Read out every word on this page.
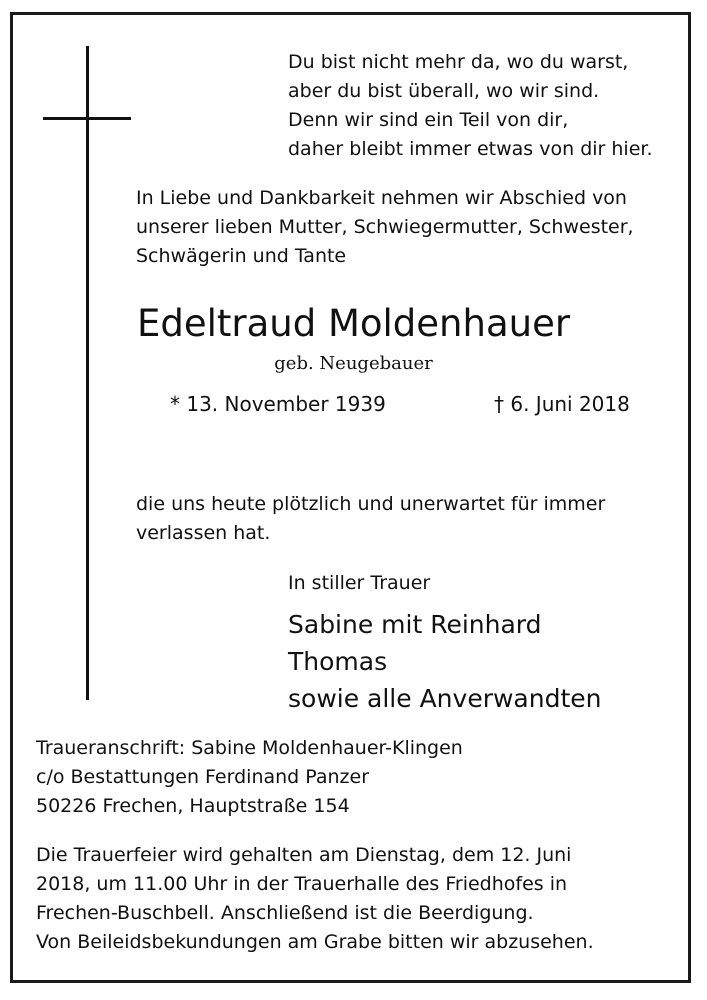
Du bist nicht mehr da, wo du warst,
aber du bist überall, wo wir sind.
Denn wir sind ein Teil von dir,
daher bleibt immer etwas von dir hier.
In Liebe und Dankbarkeit nehmen wir Abschied von
unserer lieben Mutter, Schwiegermutter, Schwester,
Schwägerin und Tante
Edeltraud Moldenhauer
geb. Neugebauer
* 13. November 1939	† 6. Juni 2018
die uns heute plötzlich und unerwartet für immer
verlassen hat.
In stiller Trauer
Sabine mit Reinhard
Thomas
sowie alle Anverwandten
Traueranschrift: Sabine Moldenhauer-Klingen
c/o Bestattungen Ferdinand Panzer
50226 Frechen, Hauptstraße 154
Die Trauerfeier wird gehalten am Dienstag, dem 12. Juni
2018, um 11.00 Uhr in der Trauerhalle des Friedhofes in
Frechen-Buschbell. Anschließend ist die Beerdigung.
Von Beileidsbekundungen am Grabe bitten wir abzusehen.
